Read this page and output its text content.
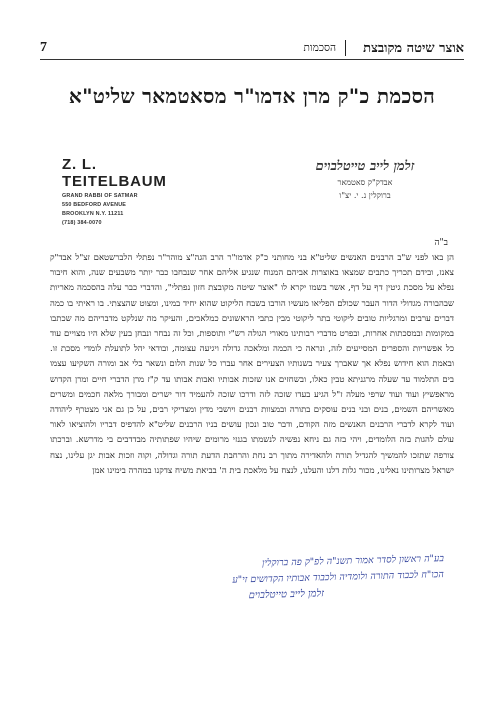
7	הסכמות אוצר שיטה מקובצת
הסכמת כ"ק מרן אדמו"ר מסאטמאר שליט"א
Z. L. TEITELBAUM
GRAND RABBI OF SATMAR
550 BEDFORD AVENUE
BROOKLYN N.Y. 11211
(718) 384-0070
זלמן לייב טייטלבוים
אבדק"ק סאטמאר
ברוקלין נ. י. יצ"ו
ב"ה
הן באו לפני ש"ב הרבנים האנשים שליט"א בני מחותני כ"ק אדמו"ר הרב הגה"צ מוהר"ר נפתלי הלברשטאם זצ"ל אבד"ק צאנז, ובידם תכריך כתבים שמצאו באוצרות אביהם המנוח שנגיע אליהם אחר שנבחבו כבר יותר משבעים שנה, והוא חיבור נפלא על מסכת גיטין דף על דף, אשר בשמו יקרא לו "אוצר שיטה מקובצת חזון נפתלי", והדברי כבר עלה בהסכמה מאריות שבהבורה מגדולי הדור העבר שכולם הפליאו מעשיו הורבו בשבח הליקוט שהוא יחיד במינו, ומצוט שהצצתי. בו ראיתי בו כמה דברים ערבים ומרגליות טובים ליקוטי בתר ליקוטי מבין כתבי הראשונים כמלאכים, והעיקר מה שנלקט מדבריהם מה שכתבו במקומות ובמסכתות אחרות, ובפרט מדברי רבותינו מאורי הגולה רש"י ותוספות, וכל זה נבחר ונבחן בעין שלא היו מצויים עוד כל אפשריות והספרים המסייעים לזה, ונראה כי הכמה ומלאכה גדולה ויגיעה עצומה, ובודאי יהל לתועלת לומדי מסכת זו. ובאמת הוא חידוש נפלא אך שאברך צעיר בשנותיו הצעירים אחר עברו כל שנות הלום ונשאר בלי אב ומורה השקיעו עצמו בים התלמוד עד שעלה מרגניתא טבין כאלו, ובשחזים אנו שזכות אבותיו ואבות אבותו עד ק"ז מרן הדברי חיים ומרן הקדוש מראפשיץ ועוד ועוד שרפי מעלה ז"ל הגיע בעדו שזכה לזה ודרכו שזכה להעמיד דור ישרים ומבורך מלאה חכמים ומשרים מאשריהם השמים, בנים ובני בנים עוסקים בתורה ובמצוות רבנים ויושבי מדין ומצדיקי רבים, על כן גם אני מצטרף ליהודה ועוד לקרא לדברי הרבנים האנשים מזה הקודם, ודבר טוב ונכון עושים בניו הרבנים שליט"א להדפיס דבריו ולהוציאו לאור עולם להגות בזה הלומדים, ויהי בזה גם ניחא נפשיה לנשמתו בגנזי מרומים שיהיו שפתותיה מבדדבים בי מדרשא. וברכתו צורפה שתזכו להמשיך להגדיל תורה ולהאדירה מתוך רב נחת והרחבת הדעת תורה וגדולה, וקוה וזכות אבות יגן עלינו, נצח ישראל מצרותינו נאלינו, מכור גלות דלנו והעלנו, לנצח על מלאכת בית ה' בביאת משיח צדקנו במהרה בימינו אמן
בע"ה ראשון לסדר אמור תשנ"ה לפ"ק פה ברוקלין
הכו"ח לכבוד התורה ולומדיה ולכבוד אבותיו הקדושים זי"ע
זלמן לייב טייטלבוים
